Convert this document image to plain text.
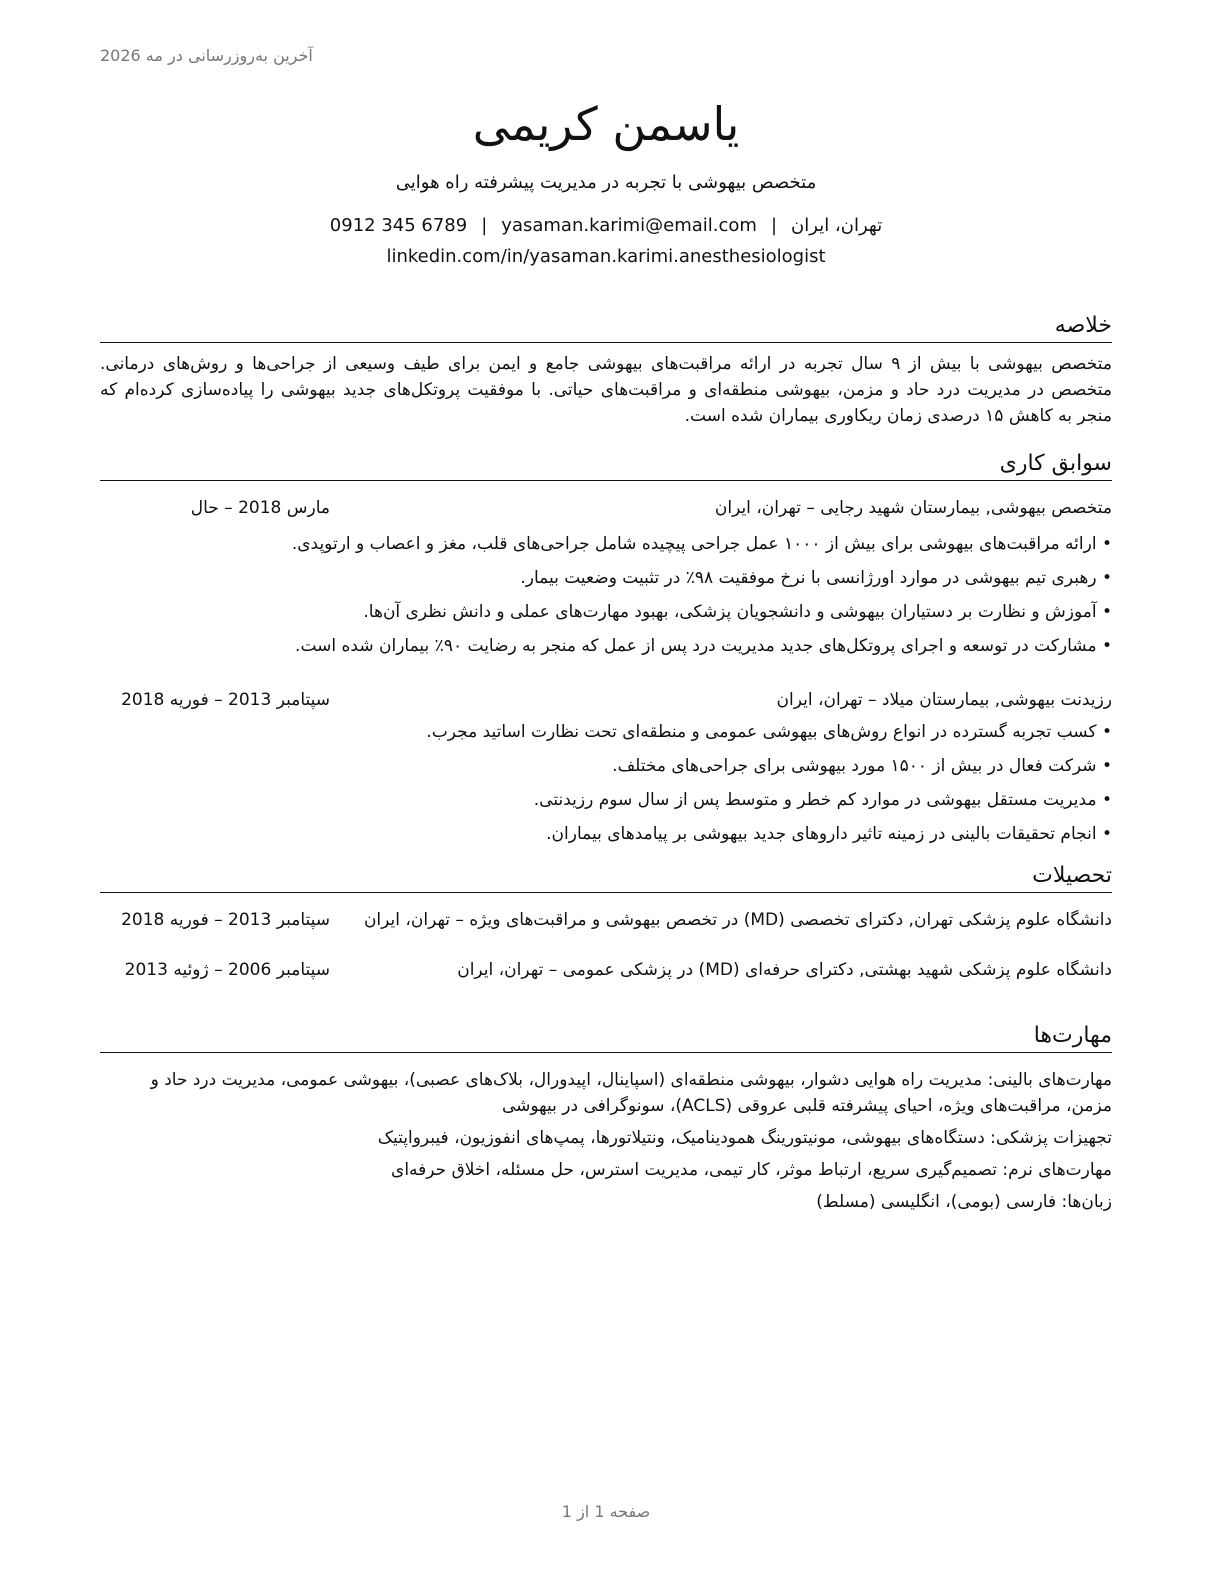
آخرین به‌روزرسانی در مه 2026
یاسمن کریمی
متخصص بیهوشی با تجربه در مدیریت پیشرفته راه هوایی
تهران، ایران|yasaman.karimi@email.com|0912 345 6789
linkedin.com/in/yasaman.karimi.anesthesiologist
خلاصه
متخصص بیهوشی با بیش از ۹ سال تجربه در ارائه مراقبت‌های بیهوشی جامع و ایمن برای طیف وسیعی از جراحی‌ها و روش‌های درمانی. متخصص در مدیریت درد حاد و مزمن، بیهوشی منطقه‌ای و مراقبت‌های حیاتی. با موفقیت پروتکل‌های جدید بیهوشی را پیاده‌سازی کرده‌ام که منجر به کاهش ۱۵ درصدی زمان ریکاوری بیماران شده است.
سوابق کاری
متخصص بیهوشی, بیمارستان شهید رجایی – تهران، ایران
مارس 2018 – حال
• ارائه مراقبت‌های بیهوشی برای بیش از ۱۰۰۰ عمل جراحی پیچیده شامل جراحی‌های قلب، مغز و اعصاب و ارتوپدی.
• رهبری تیم بیهوشی در موارد اورژانسی با نرخ موفقیت ۹۸٪ در تثبیت وضعیت بیمار.
• آموزش و نظارت بر دستیاران بیهوشی و دانشجویان پزشکی، بهبود مهارت‌های عملی و دانش نظری آن‌ها.
• مشارکت در توسعه و اجرای پروتکل‌های جدید مدیریت درد پس از عمل که منجر به رضایت ۹۰٪ بیماران شده است.
رزیدنت بیهوشی, بیمارستان میلاد – تهران، ایران
سپتامبر 2013 – فوریه 2018
• کسب تجربه گسترده در انواع روش‌های بیهوشی عمومی و منطقه‌ای تحت نظارت اساتید مجرب.
• شرکت فعال در بیش از ۱۵۰۰ مورد بیهوشی برای جراحی‌های مختلف.
• مدیریت مستقل بیهوشی در موارد کم خطر و متوسط پس از سال سوم رزیدنتی.
• انجام تحقیقات بالینی در زمینه تاثیر داروهای جدید بیهوشی بر پیامدهای بیماران.
تحصیلات
دانشگاه علوم پزشکی تهران, دکترای تخصصی (MD) در تخصص بیهوشی و مراقبت‌های ویژه – تهران، ایران
سپتامبر 2013 – فوریه 2018
دانشگاه علوم پزشکی شهید بهشتی, دکترای حرفه‌ای (MD) در پزشکی عمومی – تهران، ایران
سپتامبر 2006 – ژوئیه 2013
مهارت‌ها
مهارت‌های بالینی: مدیریت راه هوایی دشوار، بیهوشی منطقه‌ای (اسپاینال، اپیدورال، بلاک‌های عصبی)، بیهوشی عمومی، مدیریت درد حاد و مزمن، مراقبت‌های ویژه، احیای پیشرفته قلبی عروقی (ACLS)، سونوگرافی در بیهوشی
تجهیزات پزشکی: دستگاه‌های بیهوشی، مونیتورینگ همودینامیک، ونتیلاتورها، پمپ‌های انفوزیون، فیبرواپتیک
مهارت‌های نرم: تصمیم‌گیری سریع، ارتباط موثر، کار تیمی، مدیریت استرس، حل مسئله، اخلاق حرفه‌ای
زبان‌ها: فارسی (بومی)، انگلیسی (مسلط)
صفحه 1 از 1
